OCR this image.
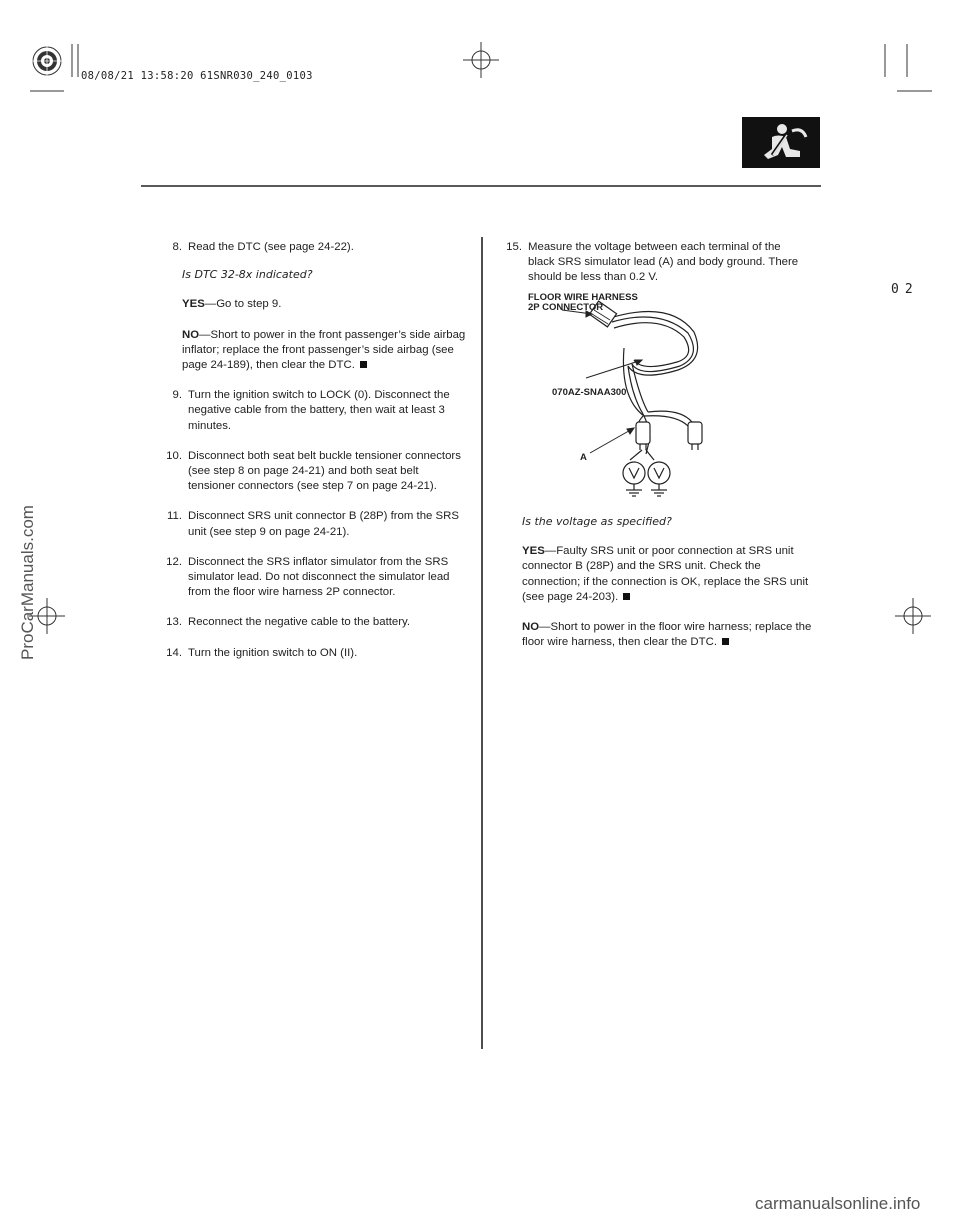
08/08/21 13:58:20 61SNR030_240_0103
02
ProCarManuals.com
carmanualsonline.info
8. Read the DTC (see page 24-22).

Is DTC 32-8x indicated?

YES—Go to step 9.

NO—Short to power in the front passenger’s side airbag inflator; replace the front passenger’s side airbag (see page 24-189), then clear the DTC.

9. Turn the ignition switch to LOCK (0). Disconnect the negative cable from the battery, then wait at least 3 minutes.
10. Disconnect both seat belt buckle tensioner connectors (see step 8 on page 24-21) and both seat belt tensioner connectors (see step 7 on page 24-21).
11. Disconnect SRS unit connector B (28P) from the SRS unit (see step 9 on page 24-21).
12. Disconnect the SRS inflator simulator from the SRS simulator lead. Do not disconnect the simulator lead from the floor wire harness 2P connector.
13. Reconnect the negative cable to the battery.
14. Turn the ignition switch to ON (II).
15. Measure the voltage between each terminal of the black SRS simulator lead (A) and body ground. There should be less than 0.2 V.
FLOOR WIRE HARNESS
2P CONNECTOR
070AZ-SNAA300
A

Is the voltage as specified?

YES—Faulty SRS unit or poor connection at SRS unit connector B (28P) and the SRS unit. Check the connection; if the connection is OK, replace the SRS unit (see page 24-203).

NO—Short to power in the floor wire harness; replace the floor wire harness, then clear the DTC.
